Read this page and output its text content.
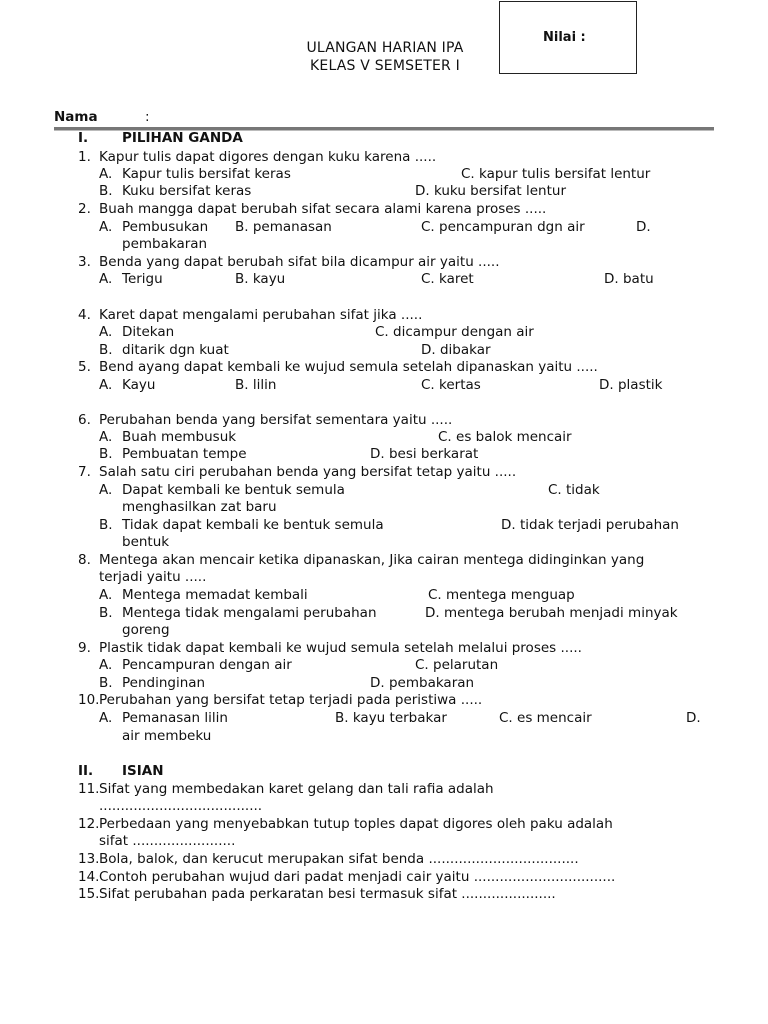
ULANGAN HARIAN IPA
KELAS V SEMSETER I
Nilai :
Nama	:
I.	PILIHAN GANDA
1. Kapur tulis dapat digores dengan kuku karena .....
A. Kapur tulis bersifat keras	C. kapur tulis bersifat lentur
B. Kuku bersifat keras	D. kuku bersifat lentur
2. Buah mangga dapat berubah sifat secara alami karena proses .....
A. Pembusukan B. pemanasan	C. pencampuran dgn air	D.
pembakaran
3. Benda yang dapat berubah sifat bila dicampur air yaitu .....
A. Terigu	B. kayu	C. karet	D. batu
4. Karet dapat mengalami perubahan sifat jika .....
A. Ditekan	C. dicampur dengan air
B. ditarik dgn kuat	D. dibakar
5. Bend ayang dapat kembali ke wujud semula setelah dipanaskan yaitu .....
A. Kayu	B. lilin	C. kertas	D. plastik
6. Perubahan benda yang bersifat sementara yaitu .....
A. Buah membusuk	C. es balok mencair
B. Pembuatan tempe	D. besi berkarat
7. Salah satu ciri perubahan benda yang bersifat tetap yaitu .....
A. Dapat kembali ke bentuk semula	C. tidak
menghasilkan zat baru
B. Tidak dapat kembali ke bentuk semula	D. tidak terjadi perubahan
bentuk
8. Mentega akan mencair ketika dipanaskan, Jika cairan mentega didinginkan yang
terjadi yaitu .....
A. Mentega memadat kembali	C. mentega menguap
B. Mentega tidak mengalami perubahan	D. mentega berubah menjadi minyak
goreng
9. Plastik tidak dapat kembali ke wujud semula setelah melalui proses .....
A. Pencampuran dengan air	C. pelarutan
B. Pendinginan	D. pembakaran
10. Perubahan yang bersifat tetap terjadi pada peristiwa .....
A. Pemanasan lilin	B. kayu terbakar	C. es mencair	D.
air membeku
II. ISIAN
11. Sifat yang membedakan karet gelang dan tali rafia adalah
......................................
12. Perbedaan yang menyebabkan tutup toples dapat digores oleh paku adalah
sifat ........................
13. Bola, balok, dan kerucut merupakan sifat benda ...................................
14. Contoh perubahan wujud dari padat menjadi cair yaitu .................................
15. Sifat perubahan pada perkaratan besi termasuk sifat ......................
